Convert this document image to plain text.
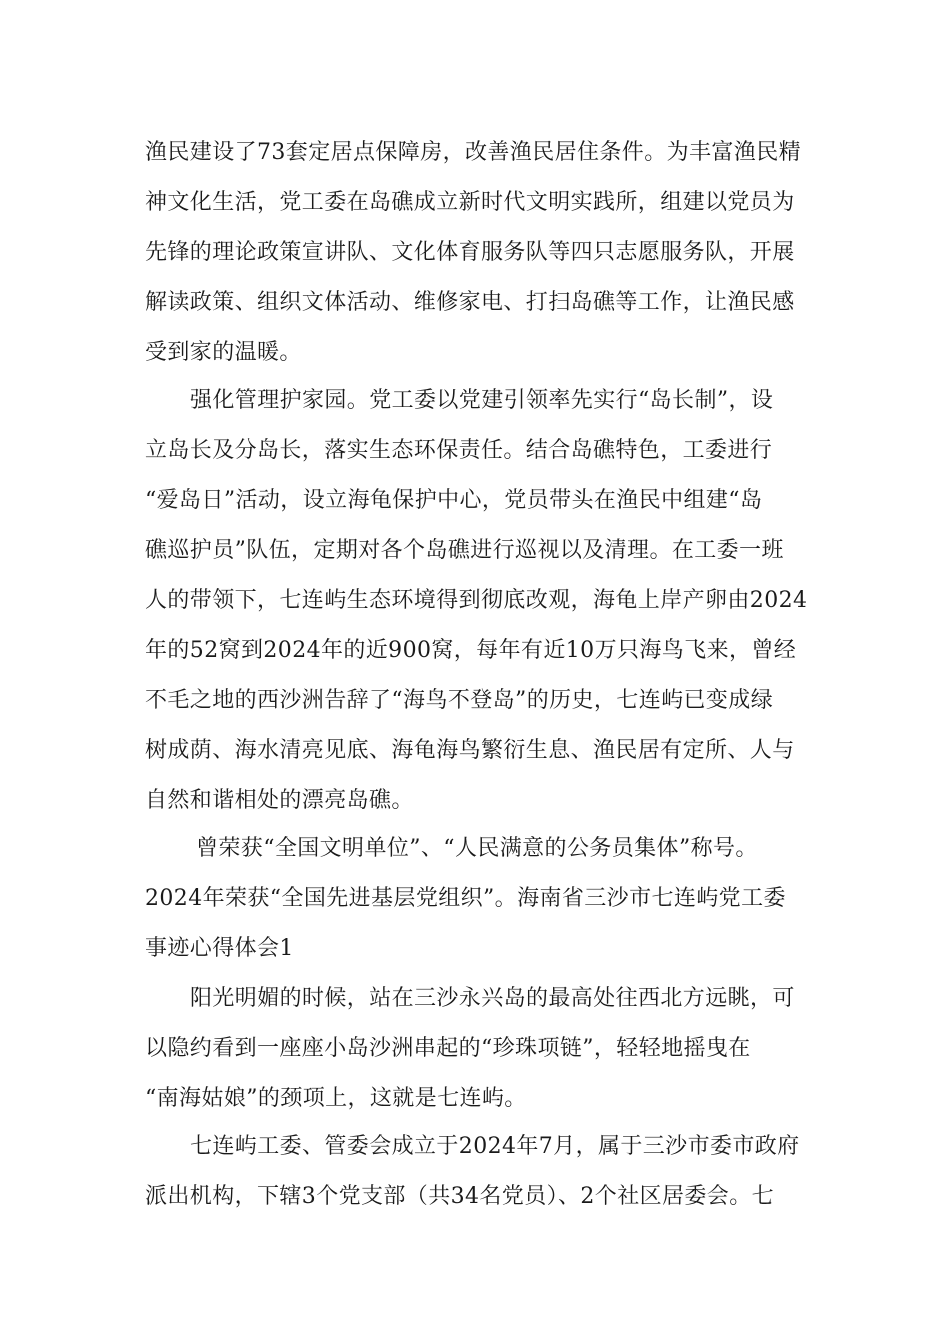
渔民建设了73套定居点保障房，改善渔民居住条件。为丰富渔民精
神文化生活，党工委在岛礁成立新时代文明实践所，组建以党员为
先锋的理论政策宣讲队、文化体育服务队等四只志愿服务队，开展
解读政策、组织文体活动、维修家电、打扫岛礁等工作，让渔民感
受到家的温暖。
强化管理护家园。党工委以党建引领率先实行“岛长制”，设
立岛长及分岛长，落实生态环保责任。结合岛礁特色，工委进行
“爱岛日”活动，设立海龟保护中心，党员带头在渔民中组建“岛
礁巡护员”队伍，定期对各个岛礁进行巡视以及清理。在工委一班
人的带领下，七连屿生态环境得到彻底改观，海龟上岸产卵由2024
年的52窝到2024年的近900窝，每年有近10万只海鸟飞来，曾经
不毛之地的西沙洲告辞了“海鸟不登岛”的历史，七连屿已变成绿
树成荫、海水清亮见底、海龟海鸟繁衍生息、渔民居有定所、人与
自然和谐相处的漂亮岛礁。
曾荣获“全国文明单位”、“人民满意的公务员集体”称号。
2024年荣获“全国先进基层党组织”。海南省三沙市七连屿党工委
事迹心得体会1
阳光明媚的时候，站在三沙永兴岛的最高处往西北方远眺，可
以隐约看到一座座小岛沙洲串起的“珍珠项链”，轻轻地摇曳在
“南海姑娘”的颈项上，这就是七连屿。
七连屿工委、管委会成立于2024年7月，属于三沙市委市政府
派出机构，下辖3个党支部（共34名党员）、2个社区居委会。七
